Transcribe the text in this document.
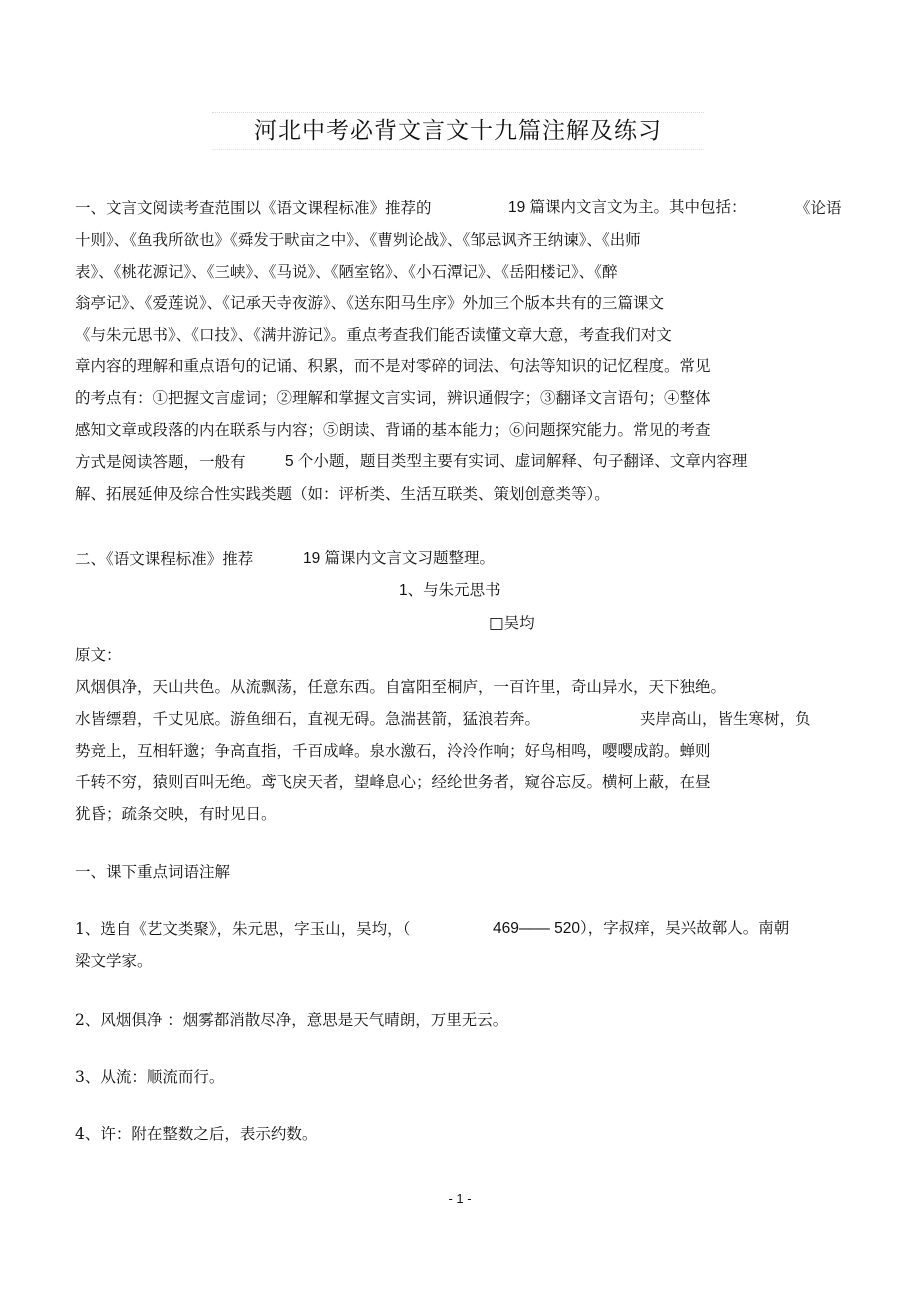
河北中考必背文言文十九篇注解及练习
一、文言文阅读考查范围以《语文课程标准》推荐的	19 篇课内文言文为主。其中包括：	《论语
十则》、《鱼我所欲也》《舜发于畎亩之中》、《曹刿论战》、《邹忌讽齐王纳谏》、《出师
表》、《桃花源记》、《三峡》、《马说》、《陋室铭》、《小石潭记》、《岳阳楼记》、《醉
翁亭记》、《爱莲说》、《记承天寺夜游》、《送东阳马生序》外加三个版本共有的三篇课文
《与朱元思书》、《口技》、《满井游记》。重点考查我们能否读懂文章大意，考查我们对文
章内容的理解和重点语句的记诵、积累，而不是对零碎的词法、句法等知识的记忆程度。常见
的考点有：①把握文言虚词；②理解和掌握文言实词，辨识通假字；③翻译文言语句；④整体
感知文章或段落的内在联系与内容；⑤朗读、背诵的基本能力；⑥问题探究能力。常见的考查
方式是阅读答题，一般有	5 个小题，题目类型主要有实词、虚词解释、句子翻译、文章内容理
解、拓展延伸及综合性实践类题（如：评析类、生活互联类、策划创意类等）。
二、《语文课程标准》推荐	19 篇课内文言文习题整理。
1、与朱元思书
□吴均
原文：
风烟俱净，天山共色。从流飘荡，任意东西。自富阳至桐庐，一百许里，奇山异水，天下独绝。
水皆缥碧，千丈见底。游鱼细石，直视无碍。急湍甚箭，猛浪若奔。	夹岸高山，皆生寒树，负
势竞上，互相轩邈；争高直指，千百成峰。泉水激石，泠泠作响；好鸟相鸣，嘤嘤成韵。蝉则
千转不穷，猿则百叫无绝。鸢飞戾天者，望峰息心；经纶世务者，窥谷忘反。横柯上蔽，在昼
犹昏；疏条交映，有时见日。
一、课下重点词语注解
1、选自《艺文类聚》，朱元思，字玉山，吴均，（	469—— 520），字叔痒，吴兴故鄣人。南朝
梁文学家。
2、风烟俱净 ：烟雾都消散尽净，意思是天气晴朗，万里无云。
3、从流：顺流而行。
4、许：附在整数之后，表示约数。
- 1 -
